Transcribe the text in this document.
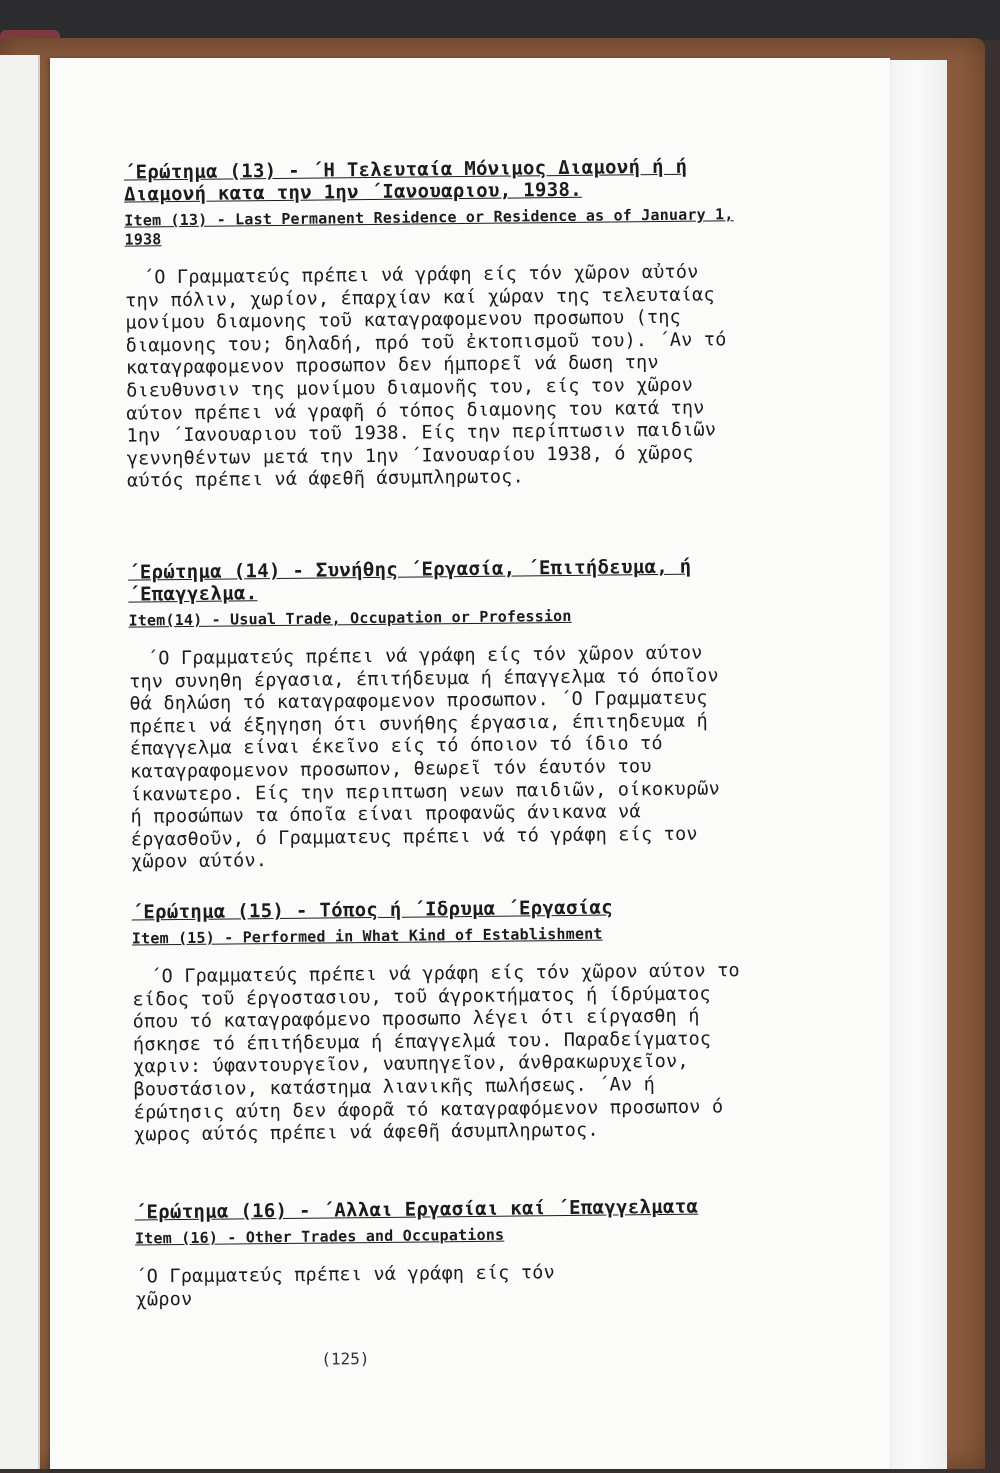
΄Ερώτημα (13) - ΄Η Τελευταία Μόνιμος Διαμονή ή ή Διαμονή κατα την 1ην ΄Ιανουαριου, 1938.
Item (13) - Last Permanent Residence or Residence as of January 1, 1938
΄Ο Γραμματεύς πρέπει νά γράφη είς τόν χῶρον αὐτόν την πόλιν, χωρίον, έπαρχίαν καί χώραν της τελευταίας μονίμου διαμονης τοῦ καταγραφομενου προσωπου (της διαμονης του; δηλαδή, πρό τοῦ ἐκτοπισμοῦ του). ΄Αν τό καταγραφομενον προσωπον δεν ήμπορεῖ νά δωση την διευθυνσιν της μονίμου διαμονῆς του, είς τον χῶρον αύτον πρέπει νά γραφῆ ό τόπος διαμονης του κατά την 1ην ΄Ιανουαριου τοῦ 1938. Είς την περίπτωσιν παιδιῶν γεννηθέντων μετά την 1ην ΄Ιανουαρίου 1938, ό χῶρος αύτός πρέπει νά άφεθῆ άσυμπληρωτος.
΄Ερώτημα (14) - Συνήθης ΄Εργασία, ΄Επιτήδευμα, ή ΄Επαγγελμα.
Item(14) - Usual Trade, Occupation or Profession
΄Ο Γραμματεύς πρέπει νά γράφη είς τόν χῶρον αύτον την συνηθη έργασια, έπιτήδευμα ή έπαγγελμα τό όποῖον θά δηλώση τό καταγραφομενον προσωπον. ΄Ο Γραμματευς πρέπει νά έξηγηση ότι συνήθης έργασια, έπιτηδευμα ή έπαγγελμα είναι έκεῖνο είς τό όποιον τό ίδιο τό καταγραφομενον προσωπον, θεωρεῖ τόν έαυτόν του ίκανωτερο. Είς την περιπτωση νεων παιδιῶν, οίκοκυρῶν ή προσώπων τα όποῖα είναι προφανῶς άνικανα νά έργασθοῦν, ό Γραμματευς πρέπει νά τό γράφη είς τον χῶρον αύτόν.
΄Ερώτημα (15) - Τόπος ή ΄Ιδρυμα ΄Εργασίας
Item (15) - Performed in What Kind of Establishment
΄Ο Γραμματεύς πρέπει νά γράφη είς τόν χῶρον αύτον το είδος τοῦ έργοστασιου, τοῦ άγροκτήματος ή ίδρύματος όπου τό καταγραφόμενο προσωπο λέγει ότι είργασθη ή ήσκησε τό έπιτήδευμα ή έπαγγελμά του. Παραδείγματος χαριν: ύφαντουργεῖον, ναυπηγεῖον, άνθρακωρυχεῖον, βουστάσιον, κατάστημα λιανικῆς πωλήσεως. ΄Αν ή έρώτησις αύτη δεν άφορᾶ τό καταγραφόμενον προσωπον ό χωρος αύτός πρέπει νά άφεθῆ άσυμπληρωτος.
΄Ερώτημα (16) - ΄Αλλαι Εργασίαι καί ΄Επαγγελματα
Item (16) - Other Trades and Occupations
΄Ο Γραμματεύς πρέπει νά γράφη είς τόν χῶρον
(125)
